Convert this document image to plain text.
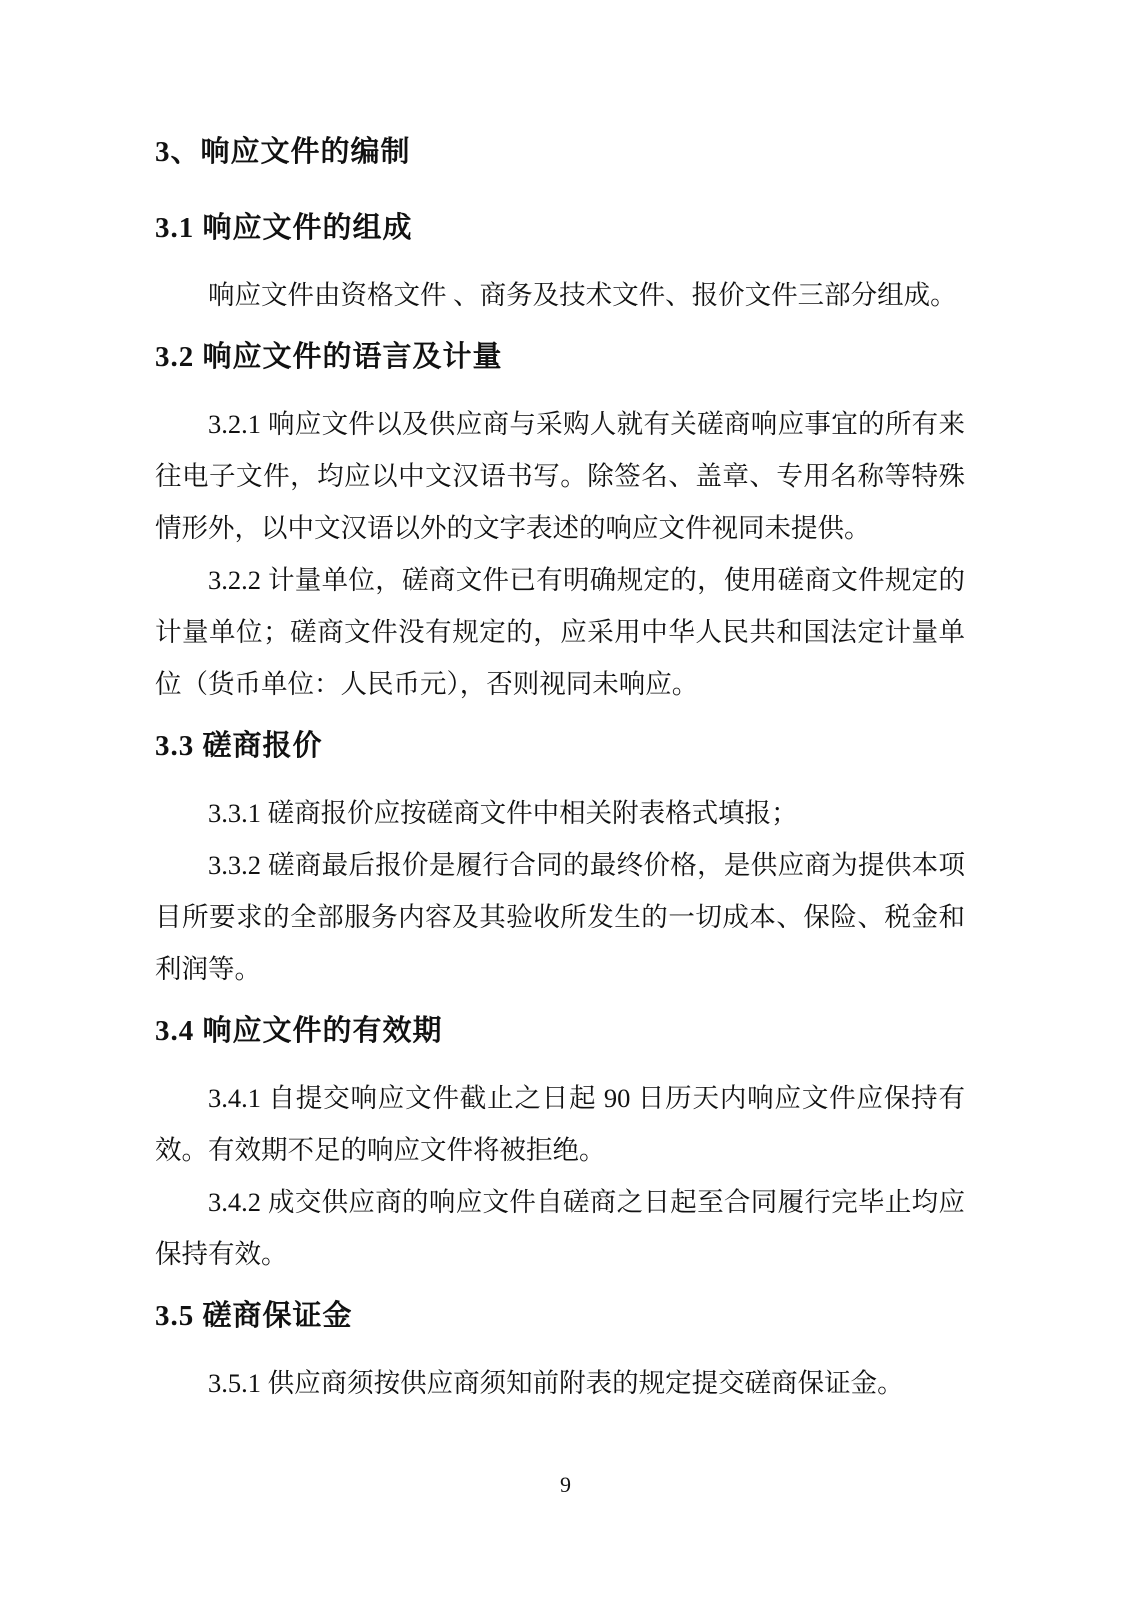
3、响应文件的编制
3.1 响应文件的组成

响应文件由资格文件 、商务及技术文件、报价文件三部分组成。

3.2 响应文件的语言及计量

3.2.1 响应文件以及供应商与采购人就有关磋商响应事宜的所有来往电子文件，均应以中文汉语书写。除签名、盖章、专用名称等特殊情形外，以中文汉语以外的文字表述的响应文件视同未提供。

3.2.2 计量单位，磋商文件已有明确规定的，使用磋商文件规定的计量单位；磋商文件没有规定的，应采用中华人民共和国法定计量单位（货币单位：人民币元），否则视同未响应。

3.3 磋商报价

3.3.1 磋商报价应按磋商文件中相关附表格式填报；

3.3.2 磋商最后报价是履行合同的最终价格，是供应商为提供本项目所要求的全部服务内容及其验收所发生的一切成本、保险、税金和利润等。

3.4 响应文件的有效期

3.4.1 自提交响应文件截止之日起 90 日历天内响应文件应保持有效。有效期不足的响应文件将被拒绝。

3.4.2 成交供应商的响应文件自磋商之日起至合同履行完毕止均应保持有效。

3.5 磋商保证金

3.5.1 供应商须按供应商须知前附表的规定提交磋商保证金。

9
